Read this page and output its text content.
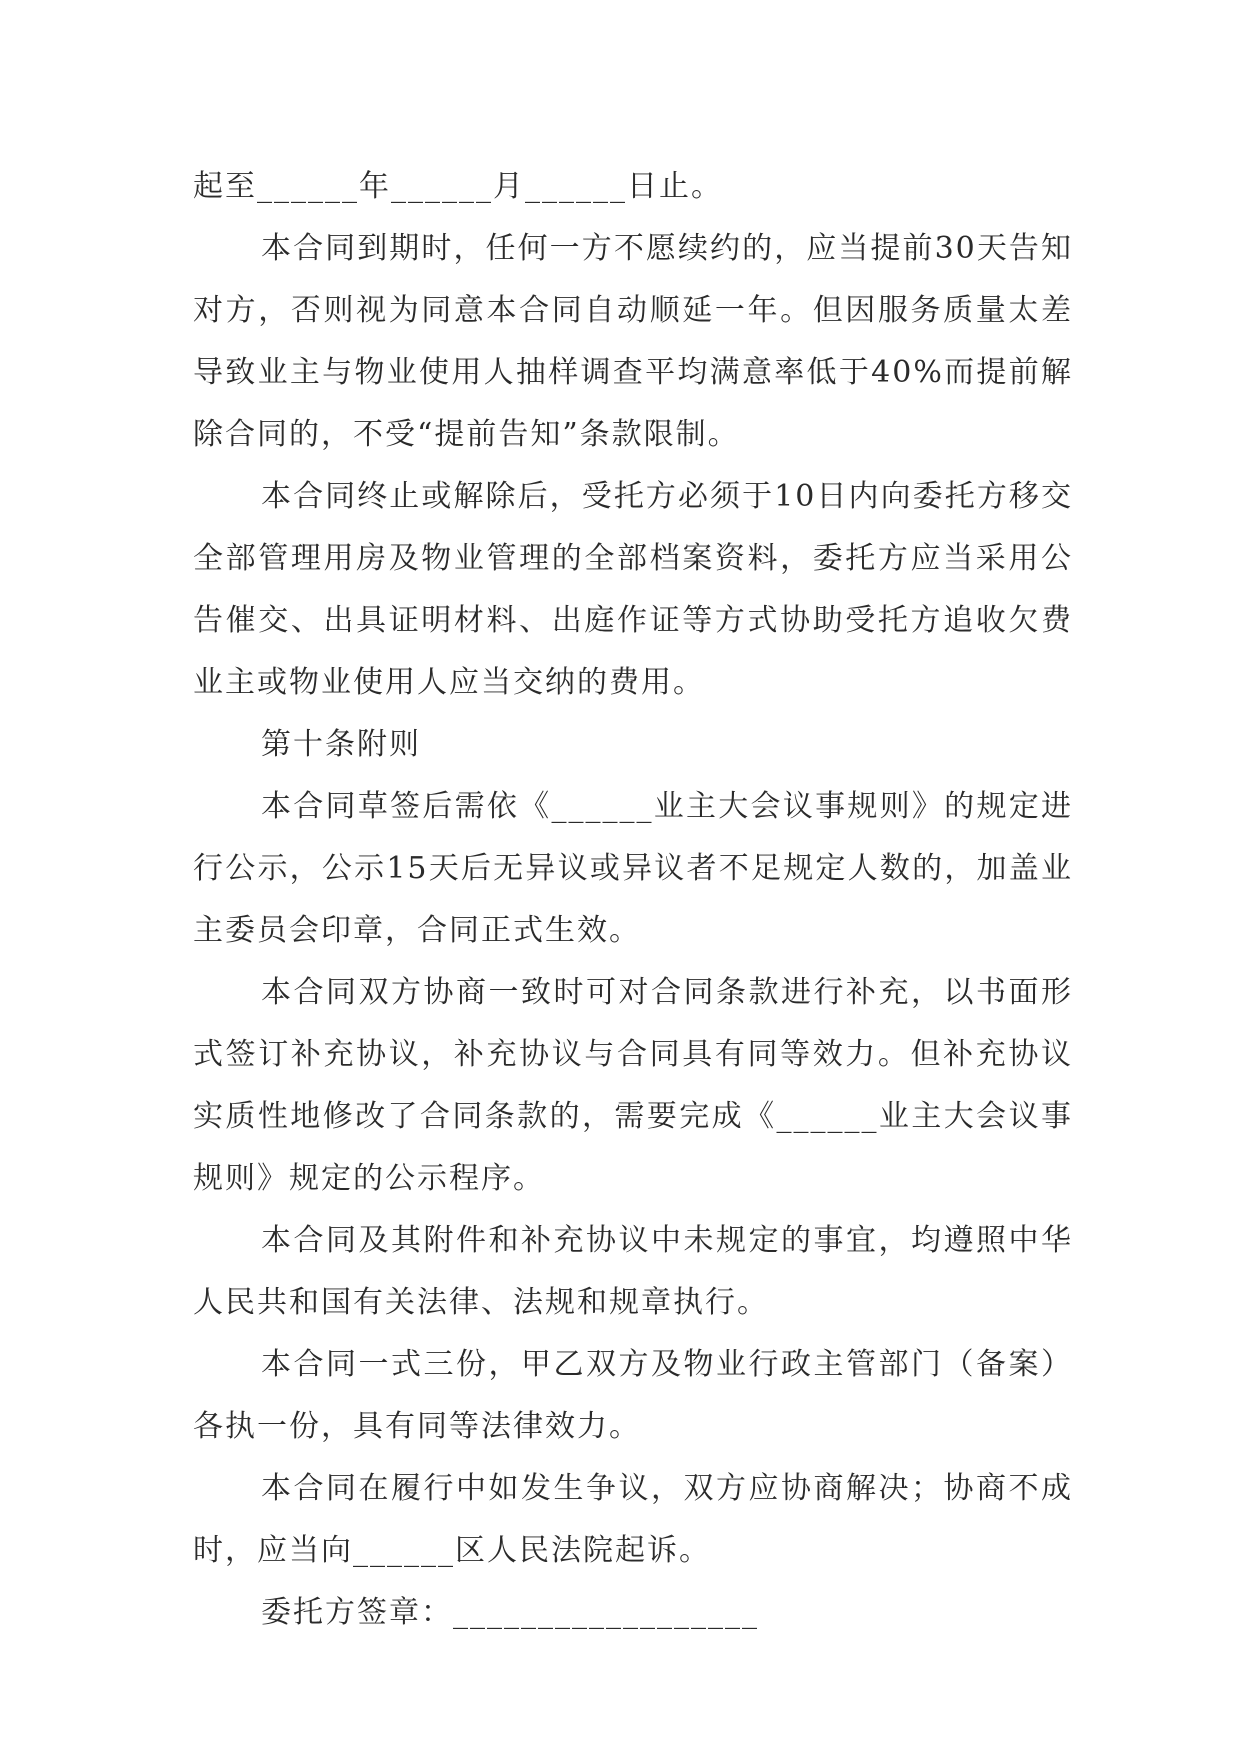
起至______年______月______日止。

本合同到期时，任何一方不愿续约的，应当提前30天告知对方，否则视为同意本合同自动顺延一年。但因服务质量太差导致业主与物业使用人抽样调查平均满意率低于40%而提前解除合同的，不受“提前告知”条款限制。

本合同终止或解除后，受托方必须于10日内向委托方移交全部管理用房及物业管理的全部档案资料，委托方应当采用公告催交、出具证明材料、出庭作证等方式协助受托方追收欠费业主或物业使用人应当交纳的费用。

第十条附则

本合同草签后需依《______业主大会议事规则》的规定进行公示，公示15天后无异议或异议者不足规定人数的，加盖业主委员会印章，合同正式生效。

本合同双方协商一致时可对合同条款进行补充，以书面形式签订补充协议，补充协议与合同具有同等效力。但补充协议实质性地修改了合同条款的，需要完成《______业主大会议事规则》规定的公示程序。

本合同及其附件和补充协议中未规定的事宜，均遵照中华人民共和国有关法律、法规和规章执行。

本合同一式三份，甲乙双方及物业行政主管部门（备案）各执一份，具有同等法律效力。

本合同在履行中如发生争议，双方应协商解决；协商不成时，应当向______区人民法院起诉。

委托方签章：__________________
